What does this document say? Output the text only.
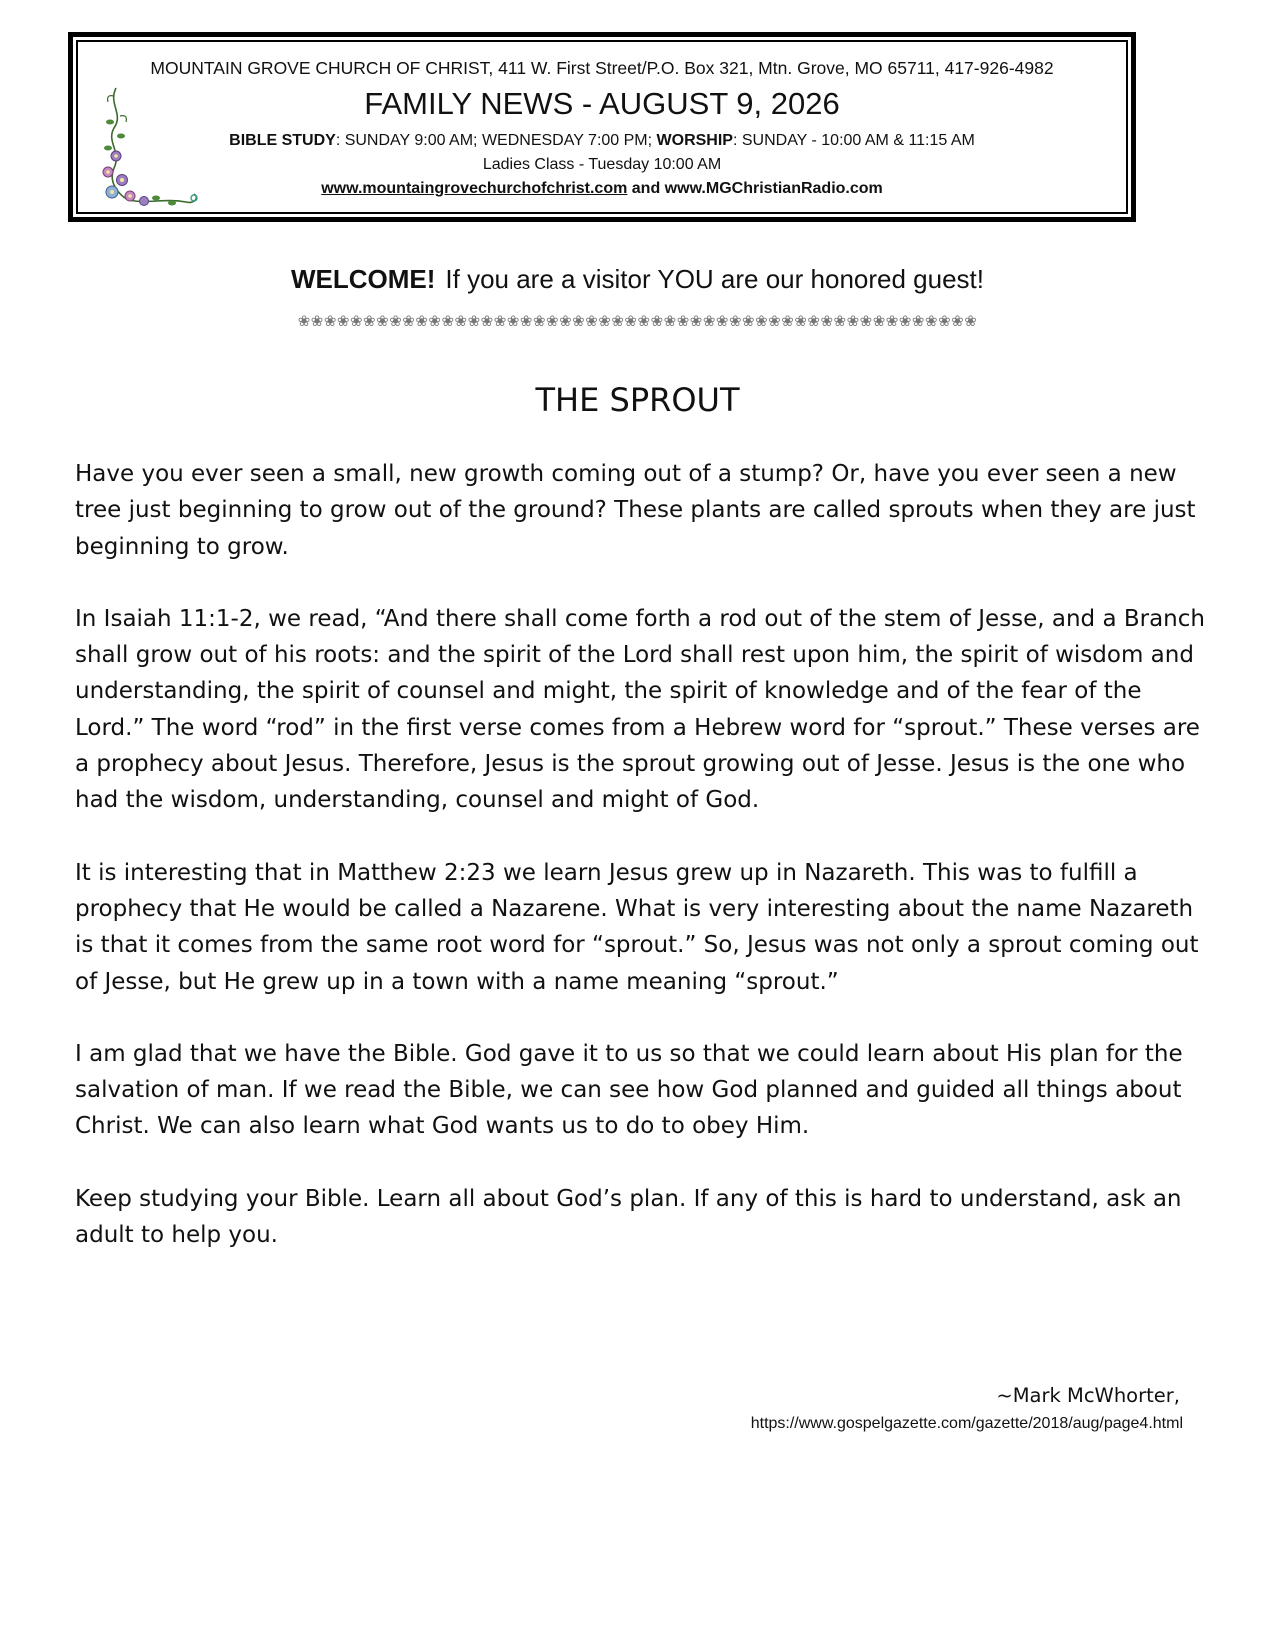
MOUNTAIN GROVE CHURCH OF CHRIST, 411 W. First Street/P.O. Box 321, Mtn. Grove, MO 65711, 417-926-4982
FAMILY NEWS - AUGUST 9, 2026
BIBLE STUDY: SUNDAY 9:00 AM; WEDNESDAY 7:00 PM; WORSHIP: SUNDAY - 10:00 AM & 11:15 AM
Ladies Class - Tuesday 10:00 AM
www.mountaingrovechurchofchrist.com and www.MGChristianRadio.com
WELCOME! If you are a visitor YOU are our honored guest!
❀❀❀❀❀❀❀❀❀❀❀❀❀❀❀❀❀❀❀❀❀❀❀❀❀❀❀❀❀❀❀❀❀❀❀❀❀❀❀❀❀❀❀❀❀❀❀❀❀❀❀❀
THE SPROUT

Have you ever seen a small, new growth coming out of a stump? Or, have you ever seen a new tree just beginning to grow out of the ground? These plants are called sprouts when they are just beginning to grow.

In Isaiah 11:1-2, we read, “And there shall come forth a rod out of the stem of Jesse, and a Branch shall grow out of his roots: and the spirit of the Lord shall rest upon him, the spirit of wisdom and understanding, the spirit of counsel and might, the spirit of knowledge and of the fear of the Lord.” The word “rod” in the first verse comes from a Hebrew word for “sprout.” These verses are a prophecy about Jesus. Therefore, Jesus is the sprout growing out of Jesse. Jesus is the one who had the wisdom, understanding, counsel and might of God.

It is interesting that in Matthew 2:23 we learn Jesus grew up in Nazareth. This was to fulfill a prophecy that He would be called a Nazarene. What is very interesting about the name Nazareth is that it comes from the same root word for “sprout.” So, Jesus was not only a sprout coming out of Jesse, but He grew up in a town with a name meaning “sprout.”

I am glad that we have the Bible. God gave it to us so that we could learn about His plan for the salvation of man. If we read the Bible, we can see how God planned and guided all things about Christ. We can also learn what God wants us to do to obey Him.

Keep studying your Bible. Learn all about God’s plan. If any of this is hard to understand, ask an adult to help you.

~Mark McWhorter,
https://www.gospelgazette.com/gazette/2018/aug/page4.html
